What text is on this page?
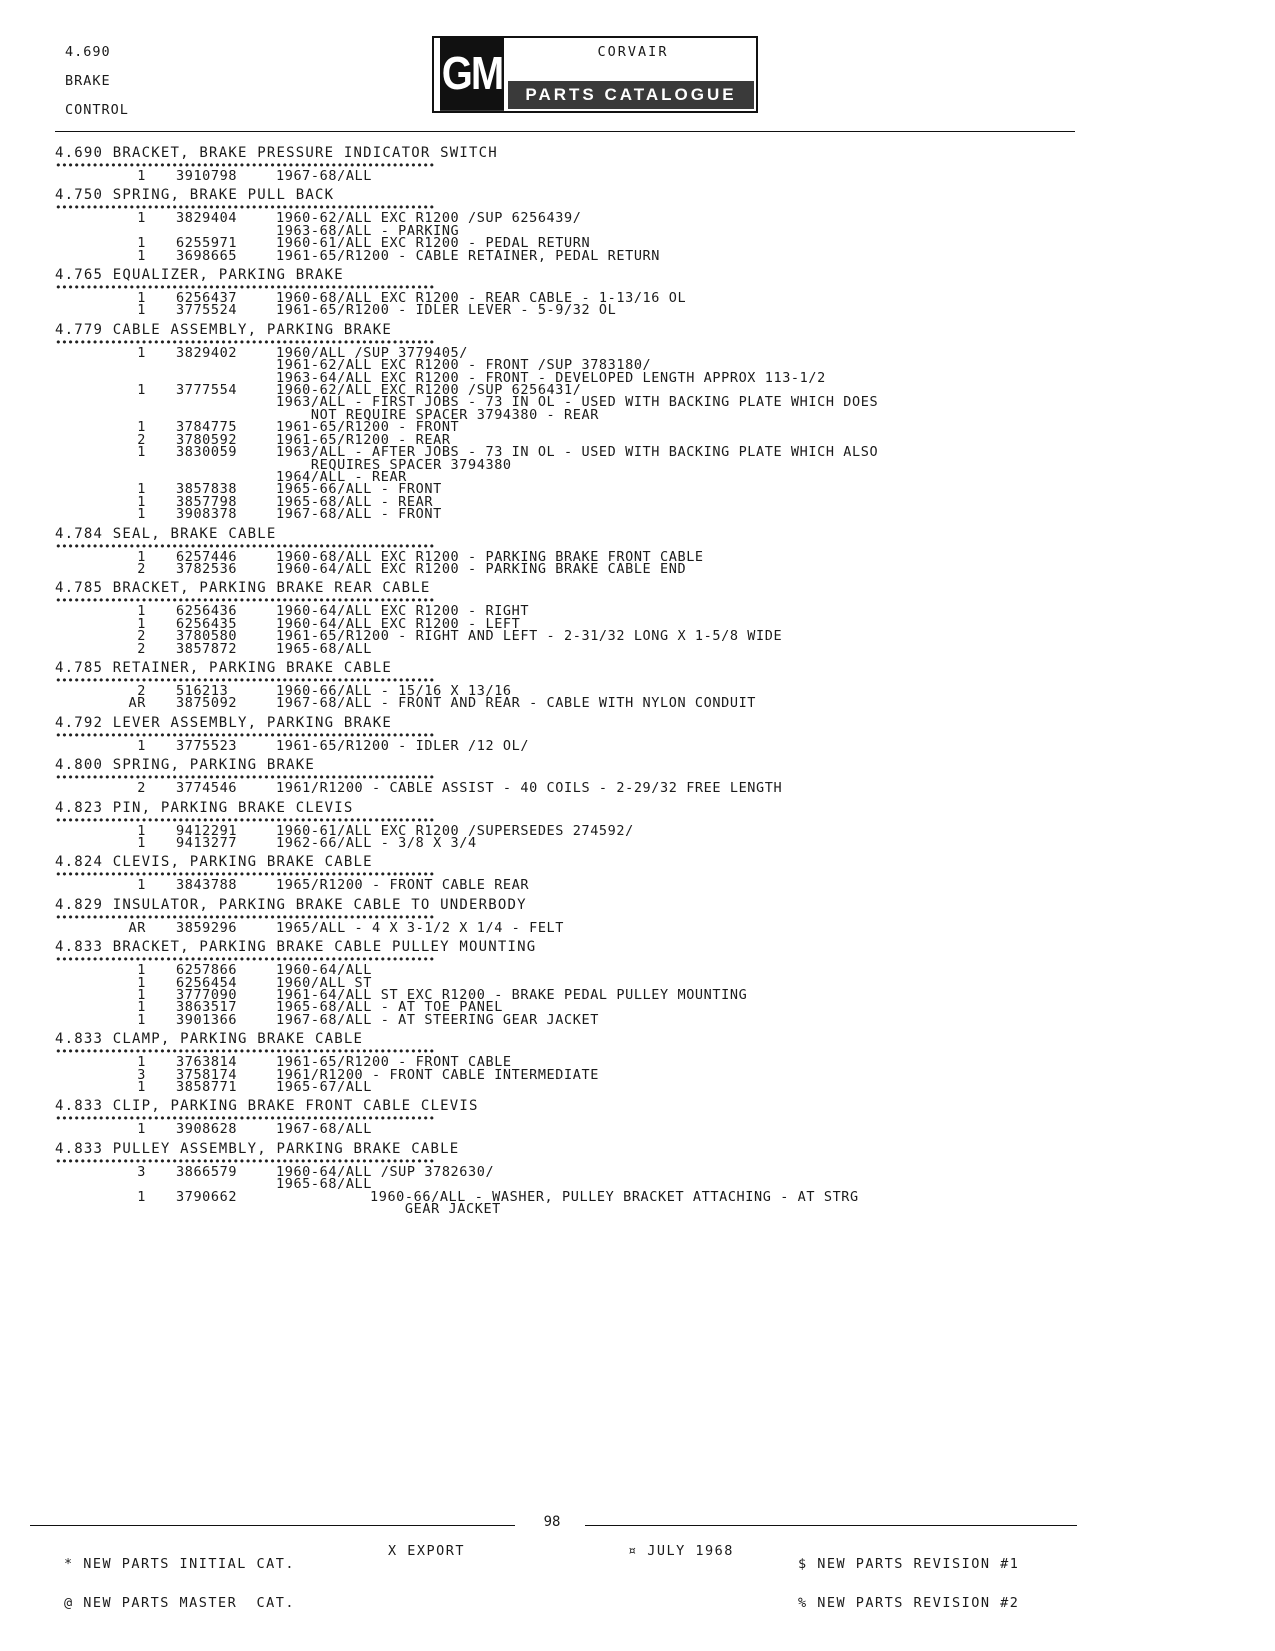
4.690
BRAKE
CONTROL
GM	CORVAIR
PARTS CATALOGUE
4.690 BRACKET, BRAKE PRESSURE INDICATOR SWITCH
••••••••••••••••••••••••••••••••••••••••••••••••••••••••••••••
1	3910798	1967-68/ALL
4.750 SPRING, BRAKE PULL BACK
••••••••••••••••••••••••••••••••••••••••••••••••••••••••••••••
1	3829404	1960-62/ALL EXC R1200 /SUP 6256439/
1963-68/ALL - PARKING
1	6255971	1960-61/ALL EXC R1200 - PEDAL RETURN
1	3698665	1961-65/R1200 - CABLE RETAINER, PEDAL RETURN
4.765 EQUALIZER, PARKING BRAKE
••••••••••••••••••••••••••••••••••••••••••••••••••••••••••••••
1	6256437	1960-68/ALL EXC R1200 - REAR CABLE - 1-13/16 OL
1	3775524	1961-65/R1200 - IDLER LEVER - 5-9/32 OL
4.779 CABLE ASSEMBLY, PARKING BRAKE
••••••••••••••••••••••••••••••••••••••••••••••••••••••••••••••
1	3829402	1960/ALL /SUP 3779405/
1961-62/ALL EXC R1200 - FRONT /SUP 3783180/
1963-64/ALL EXC R1200 - FRONT - DEVELOPED LENGTH APPROX 113-1/2
1	3777554	1960-62/ALL EXC R1200 /SUP 6256431/
1963/ALL - FIRST JOBS - 73 IN OL - USED WITH BACKING PLATE WHICH DOES
NOT REQUIRE SPACER 3794380 - REAR
1	3784775	1961-65/R1200 - FRONT
2	3780592	1961-65/R1200 - REAR
1	3830059	1963/ALL - AFTER JOBS - 73 IN OL - USED WITH BACKING PLATE WHICH ALSO
REQUIRES SPACER 3794380
1964/ALL - REAR
1	3857838	1965-66/ALL - FRONT
1	3857798	1965-68/ALL - REAR
1	3908378	1967-68/ALL - FRONT
4.784 SEAL, BRAKE CABLE
••••••••••••••••••••••••••••••••••••••••••••••••••••••••••••••
1	6257446	1960-68/ALL EXC R1200 - PARKING BRAKE FRONT CABLE
2	3782536	1960-64/ALL EXC R1200 - PARKING BRAKE CABLE END
4.785 BRACKET, PARKING BRAKE REAR CABLE
••••••••••••••••••••••••••••••••••••••••••••••••••••••••••••••
1	6256436	1960-64/ALL EXC R1200 - RIGHT
1	6256435	1960-64/ALL EXC R1200 - LEFT
2	3780580	1961-65/R1200 - RIGHT AND LEFT - 2-31/32 LONG X 1-5/8 WIDE
2	3857872	1965-68/ALL
4.785 RETAINER, PARKING BRAKE CABLE
••••••••••••••••••••••••••••••••••••••••••••••••••••••••••••••
2	516213	1960-66/ALL - 15/16 X 13/16
AR	3875092	1967-68/ALL - FRONT AND REAR - CABLE WITH NYLON CONDUIT
4.792 LEVER ASSEMBLY, PARKING BRAKE
••••••••••••••••••••••••••••••••••••••••••••••••••••••••••••••
1	3775523	1961-65/R1200 - IDLER /12 OL/
4.800 SPRING, PARKING BRAKE
••••••••••••••••••••••••••••••••••••••••••••••••••••••••••••••
2	3774546	1961/R1200 - CABLE ASSIST - 40 COILS - 2-29/32 FREE LENGTH
4.823 PIN, PARKING BRAKE CLEVIS
••••••••••••••••••••••••••••••••••••••••••••••••••••••••••••••
1	9412291	1960-61/ALL EXC R1200 /SUPERSEDES 274592/
1	9413277	1962-66/ALL - 3/8 X 3/4
4.824 CLEVIS, PARKING BRAKE CABLE
••••••••••••••••••••••••••••••••••••••••••••••••••••••••••••••
1	3843788	1965/R1200 - FRONT CABLE REAR
4.829 INSULATOR, PARKING BRAKE CABLE TO UNDERBODY
••••••••••••••••••••••••••••••••••••••••••••••••••••••••••••••
AR	3859296	1965/ALL - 4 X 3-1/2 X 1/4 - FELT
4.833 BRACKET, PARKING BRAKE CABLE PULLEY MOUNTING
••••••••••••••••••••••••••••••••••••••••••••••••••••••••••••••
1	6257866	1960-64/ALL
1	6256454	1960/ALL ST
1	3777090	1961-64/ALL ST EXC R1200 - BRAKE PEDAL PULLEY MOUNTING
1	3863517	1965-68/ALL - AT TOE PANEL
1	3901366	1967-68/ALL - AT STEERING GEAR JACKET
4.833 CLAMP, PARKING BRAKE CABLE
••••••••••••••••••••••••••••••••••••••••••••••••••••••••••••••
1	3763814	1961-65/R1200 - FRONT CABLE
3	3758174	1961/R1200 - FRONT CABLE INTERMEDIATE
1	3858771	1965-67/ALL
4.833 CLIP, PARKING BRAKE FRONT CABLE CLEVIS
••••••••••••••••••••••••••••••••••••••••••••••••••••••••••••••
1	3908628	1967-68/ALL
4.833 PULLEY ASSEMBLY, PARKING BRAKE CABLE
••••••••••••••••••••••••••••••••••••••••••••••••••••••••••••••
3	3866579	1960-64/ALL /SUP 3782630/
1965-68/ALL
1	3790662	1960-66/ALL - WASHER, PULLEY BRACKET ATTACHING - AT STRG
GEAR JACKET
98

* NEW PARTS INITIAL CAT.

@ NEW PARTS MASTER  CAT.

X EXPORT	¤ JULY 1968

$ NEW PARTS REVISION #1

% NEW PARTS REVISION #2
